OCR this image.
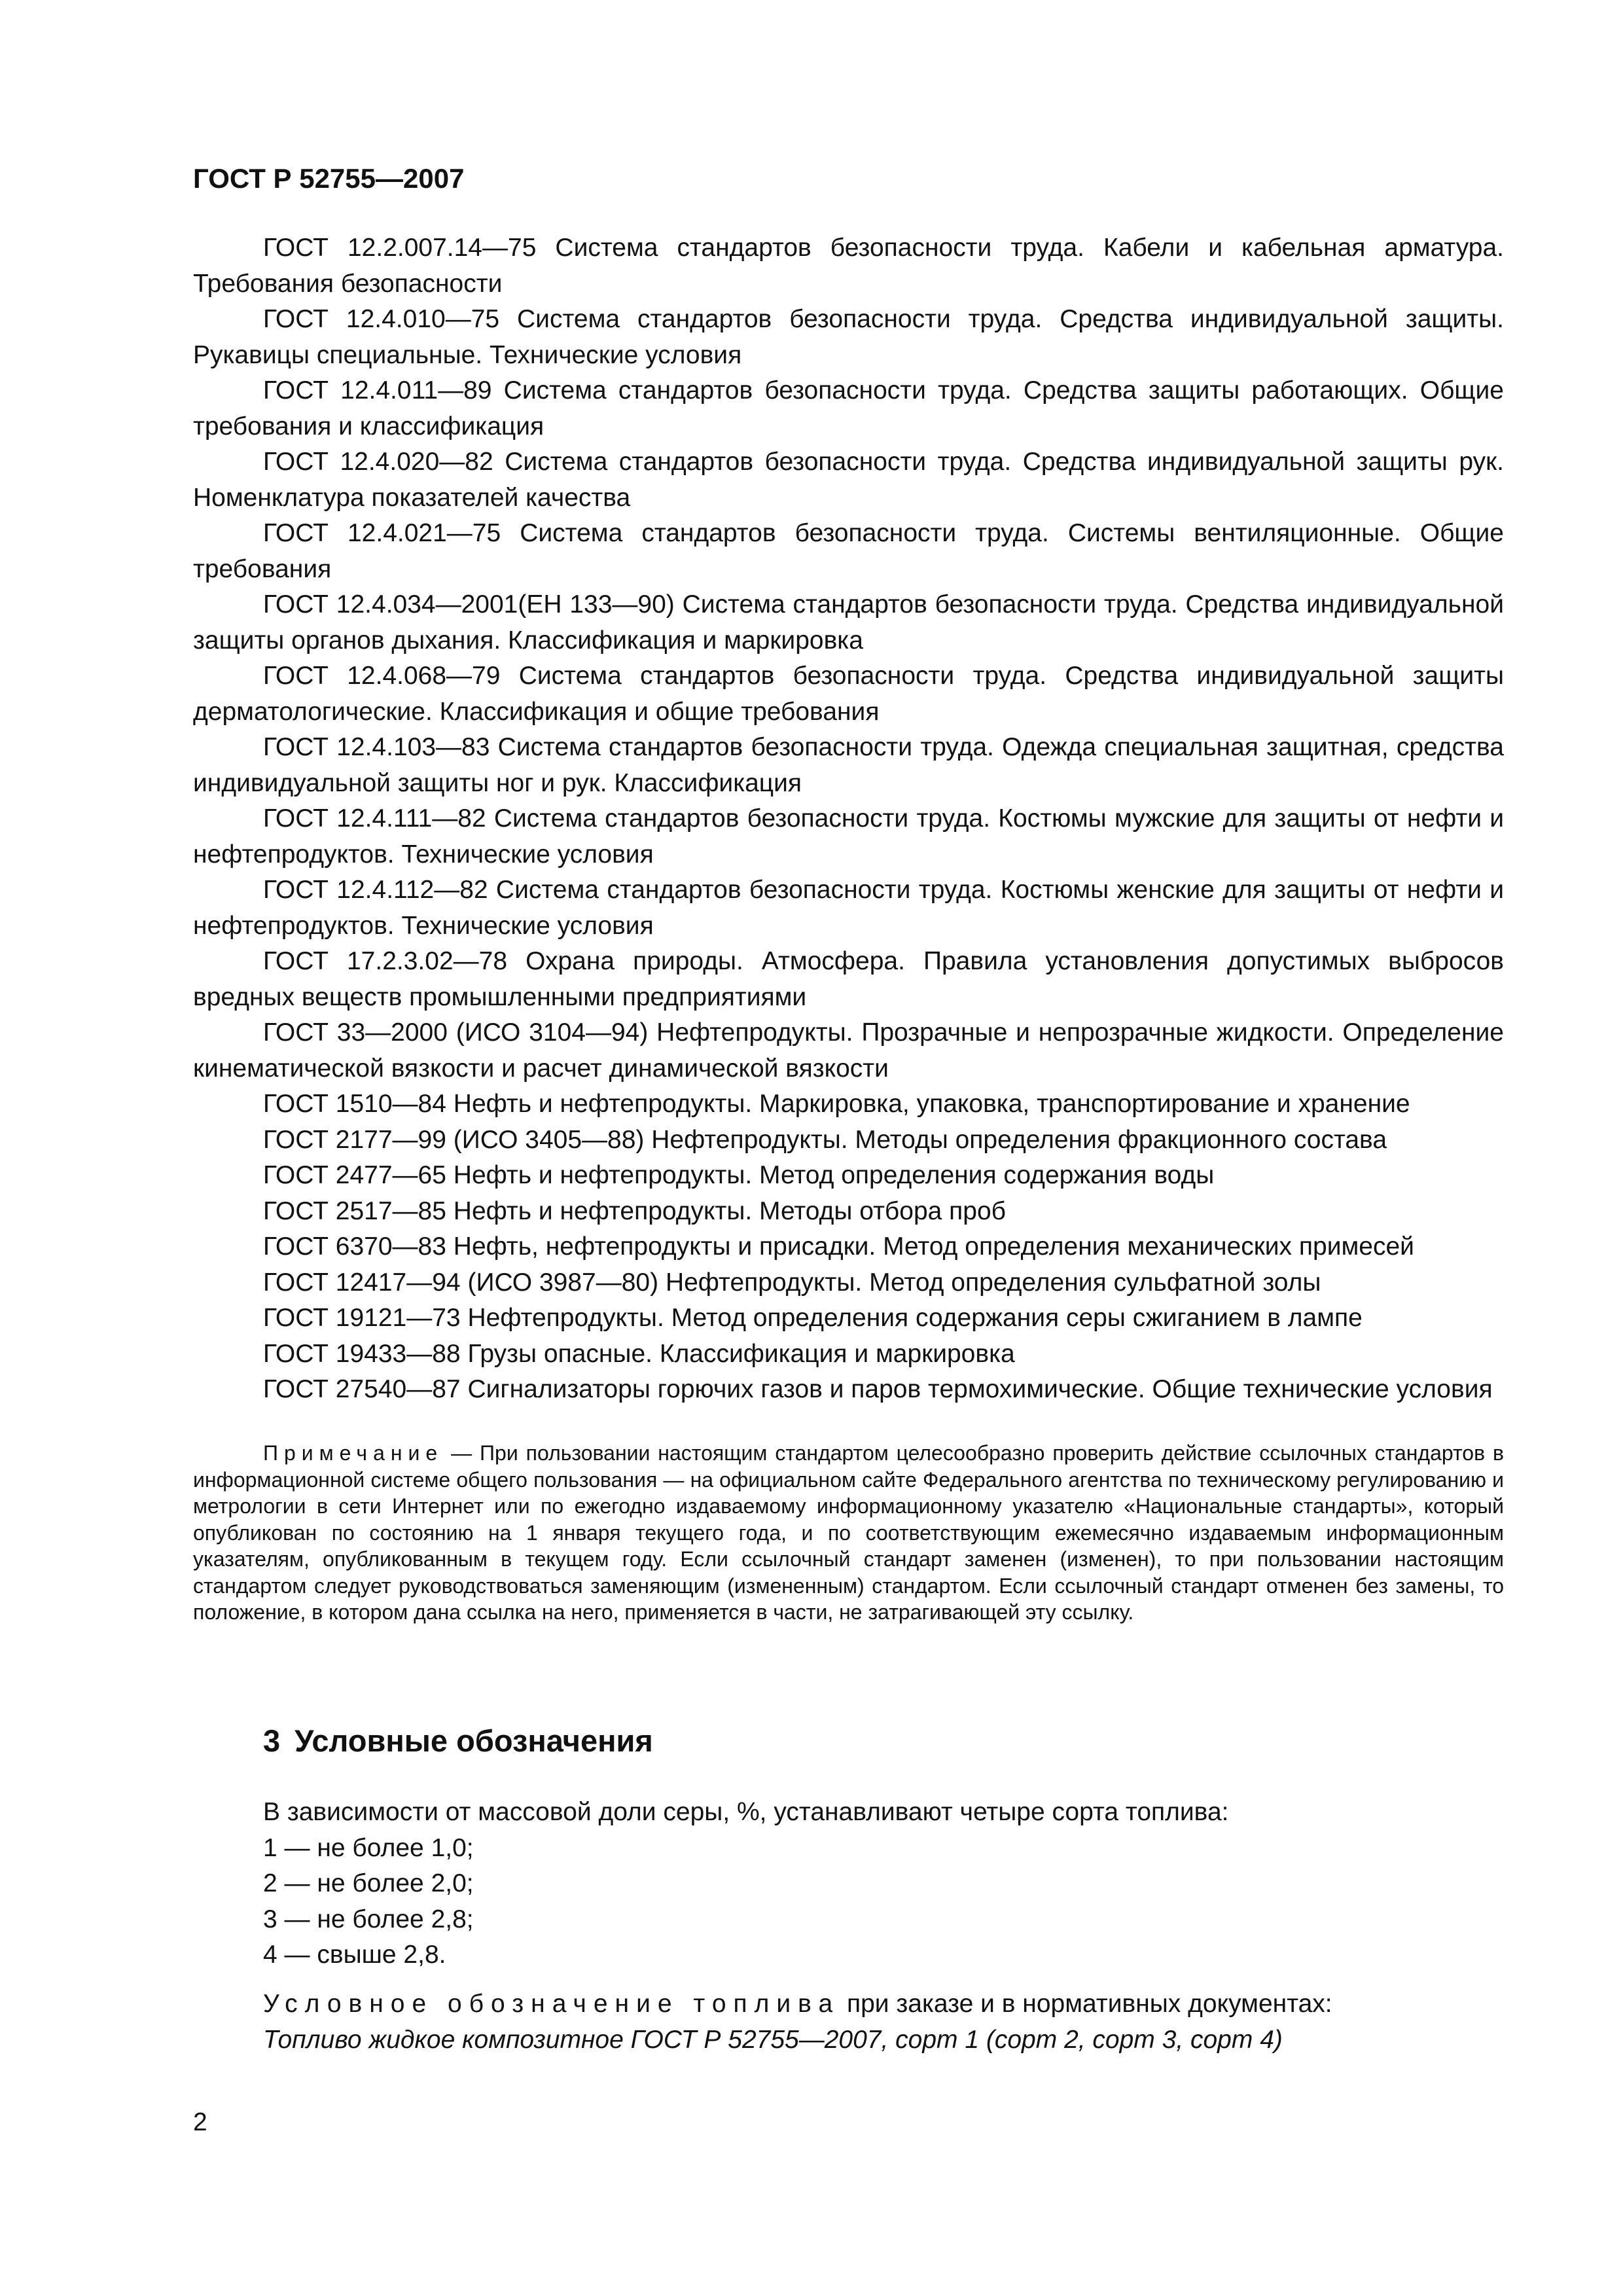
ГОСТ Р 52755—2007

ГОСТ 12.2.007.14—75 Система стандартов безопасности труда. Кабели и кабельная арматура. Требования безопасности

ГОСТ 12.4.010—75 Система стандартов безопасности труда. Средства индивидуальной защиты. Рукавицы специальные. Технические условия

ГОСТ 12.4.011—89 Система стандартов безопасности труда. Средства защиты работающих. Общие требования и классификация

ГОСТ 12.4.020—82 Система стандартов безопасности труда. Средства индивидуальной защиты рук. Номенклатура показателей качества

ГОСТ 12.4.021—75 Система стандартов безопасности труда. Системы вентиляционные. Общие требования

ГОСТ 12.4.034—2001(ЕН 133—90) Система стандартов безопасности труда. Средства индивидуальной защиты органов дыхания. Классификация и маркировка

ГОСТ 12.4.068—79 Система стандартов безопасности труда. Средства индивидуальной защиты дерматологические. Классификация и общие требования

ГОСТ 12.4.103—83 Система стандартов безопасности труда. Одежда специальная защитная, средства индивидуальной защиты ног и рук. Классификация

ГОСТ 12.4.111—82 Система стандартов безопасности труда. Костюмы мужские для защиты от нефти и нефтепродуктов. Технические условия

ГОСТ 12.4.112—82 Система стандартов безопасности труда. Костюмы женские для защиты от нефти и нефтепродуктов. Технические условия

ГОСТ 17.2.3.02—78 Охрана природы. Атмосфера. Правила установления допустимых выбросов вредных веществ промышленными предприятиями

ГОСТ 33—2000 (ИСО 3104—94) Нефтепродукты. Прозрачные и непрозрачные жидкости. Определение кинематической вязкости и расчет динамической вязкости

ГОСТ 1510—84 Нефть и нефтепродукты. Маркировка, упаковка, транспортирование и хранение

ГОСТ 2177—99 (ИСО 3405—88) Нефтепродукты. Методы определения фракционного состава

ГОСТ 2477—65 Нефть и нефтепродукты. Метод определения содержания воды

ГОСТ 2517—85 Нефть и нефтепродукты. Методы отбора проб

ГОСТ 6370—83 Нефть, нефтепродукты и присадки. Метод определения механических примесей

ГОСТ 12417—94 (ИСО 3987—80) Нефтепродукты. Метод определения сульфатной золы

ГОСТ 19121—73 Нефтепродукты. Метод определения содержания серы сжиганием в лампе

ГОСТ 19433—88 Грузы опасные. Классификация и маркировка

ГОСТ 27540—87 Сигнализаторы горючих газов и паров термохимические. Общие технические условия

Примечание — При пользовании настоящим стандартом целесообразно проверить действие ссылочных стандартов в информационной системе общего пользования — на официальном сайте Федерального агентства по техническому регулированию и метрологии в сети Интернет или по ежегодно издаваемому информационному указателю «Национальные стандарты», который опубликован по состоянию на 1 января текущего года, и по соответствующим ежемесячно издаваемым информационным указателям, опубликованным в текущем году. Если ссылочный стандарт заменен (изменен), то при пользовании настоящим стандартом следует руководствоваться заменяющим (измененным) стандартом. Если ссылочный стандарт отменен без замены, то положение, в котором дана ссылка на него, применяется в части, не затрагивающей эту ссылку.

3 Условные обозначения

В зависимости от массовой доли серы, %, устанавливают четыре сорта топлива:

1 — не более 1,0;

2 — не более 2,0;

3 — не более 2,8;

4 — свыше 2,8.

Условное обозначение топлива при заказе и в нормативных документах:

Топливо жидкое композитное ГОСТ Р 52755—2007, сорт 1 (сорт 2, сорт 3, сорт 4)

2
